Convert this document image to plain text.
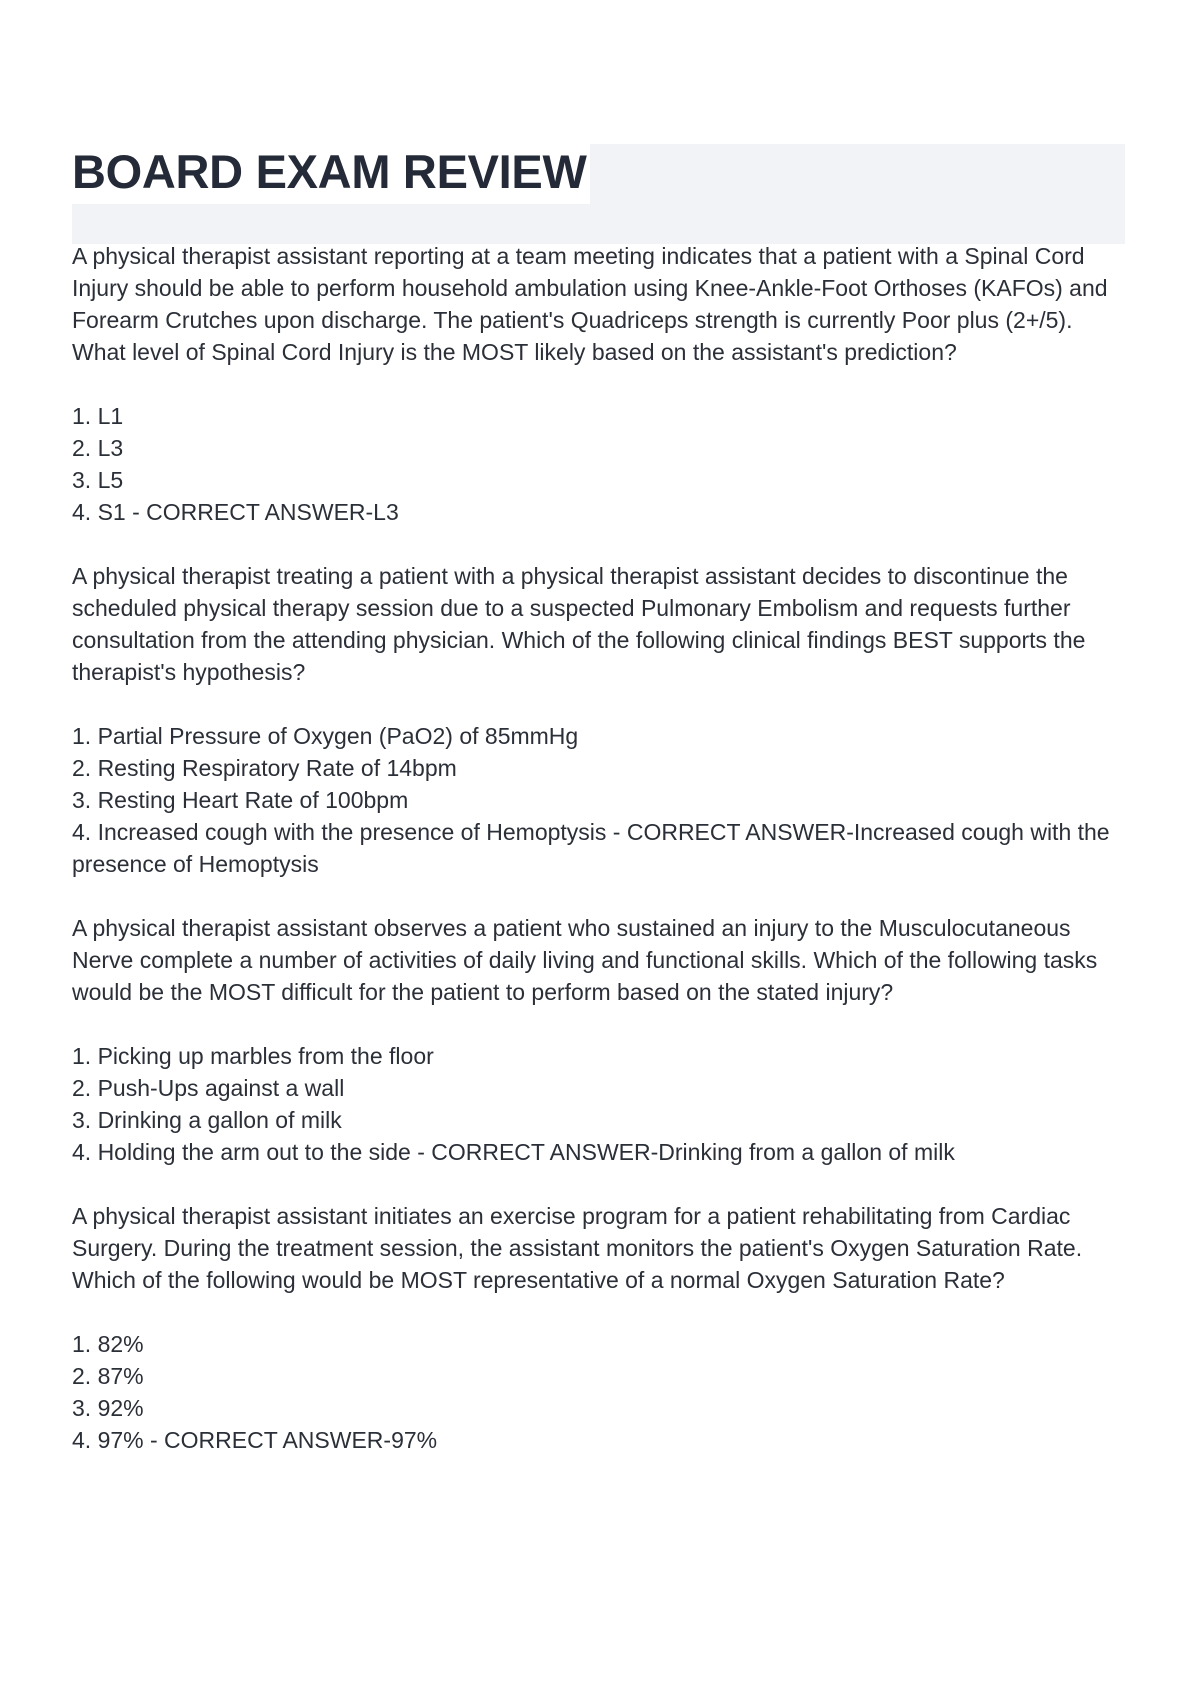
BOARD EXAM REVIEW

A physical therapist assistant reporting at a team meeting indicates that a patient with a Spinal Cord Injury should be able to perform household ambulation using Knee-Ankle-Foot Orthoses (KAFOs) and Forearm Crutches upon discharge. The patient's Quadriceps strength is currently Poor plus (2+/5). What level of Spinal Cord Injury is the MOST likely based on the assistant's prediction?

1. L1

2. L3

3. L5

4. S1 - CORRECT ANSWER-L3

A physical therapist treating a patient with a physical therapist assistant decides to discontinue the scheduled physical therapy session due to a suspected Pulmonary Embolism and requests further consultation from the attending physician. Which of the following clinical findings BEST supports the therapist's hypothesis?

1. Partial Pressure of Oxygen (PaO2) of 85mmHg

2. Resting Respiratory Rate of 14bpm

3. Resting Heart Rate of 100bpm

4. Increased cough with the presence of Hemoptysis - CORRECT ANSWER-Increased cough with the presence of Hemoptysis

A physical therapist assistant observes a patient who sustained an injury to the Musculocutaneous Nerve complete a number of activities of daily living and functional skills. Which of the following tasks would be the MOST difficult for the patient to perform based on the stated injury?

1. Picking up marbles from the floor

2. Push-Ups against a wall

3. Drinking a gallon of milk

4. Holding the arm out to the side - CORRECT ANSWER-Drinking from a gallon of milk

A physical therapist assistant initiates an exercise program for a patient rehabilitating from Cardiac Surgery. During the treatment session, the assistant monitors the patient's Oxygen Saturation Rate. Which of the following would be MOST representative of a normal Oxygen Saturation Rate?

1. 82%

2. 87%

3. 92%

4. 97% - CORRECT ANSWER-97%
